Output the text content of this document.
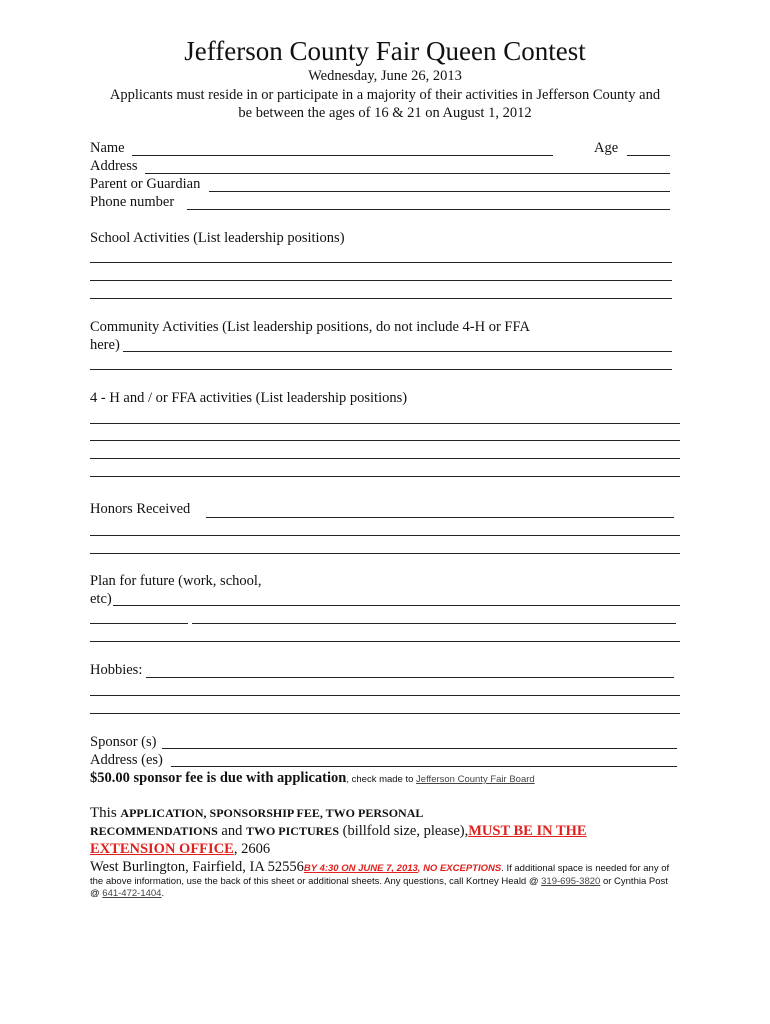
Jefferson County Fair Queen Contest
Wednesday, June 26, 2013
Applicants must reside in or participate in a majority of their activities in Jefferson County and
be between the ages of 16 & 21 on August 1, 2012
Name	Age
Address
Parent or Guardian
Phone number
School Activities (List leadership positions)
Community Activities (List leadership positions, do not include 4-H or FFA
here)
4 - H and / or FFA activities (List leadership positions)
Honors Received
Plan for future (work, school,
etc)
Hobbies:
Sponsor (s)
Address (es)
$50.00 sponsor fee is due with application, check made to Jefferson County Fair Board
This APPLICATION, SPONSORSHIP FEE, TWO PERSONAL
RECOMMENDATIONS and TWO PICTURES (billfold size, please),MUST BE IN THE
EXTENSION OFFICE, 2606
West Burlington, Fairfield, IA 52556BY 4:30 ON JUNE 7, 2013, NO EXCEPTIONS. If additional space is needed for any of
the above information, use the back of this sheet or additional sheets. Any questions, call Kortney Heald @ 319-695-3820 or Cynthia Post
@ 641-472-1404.
